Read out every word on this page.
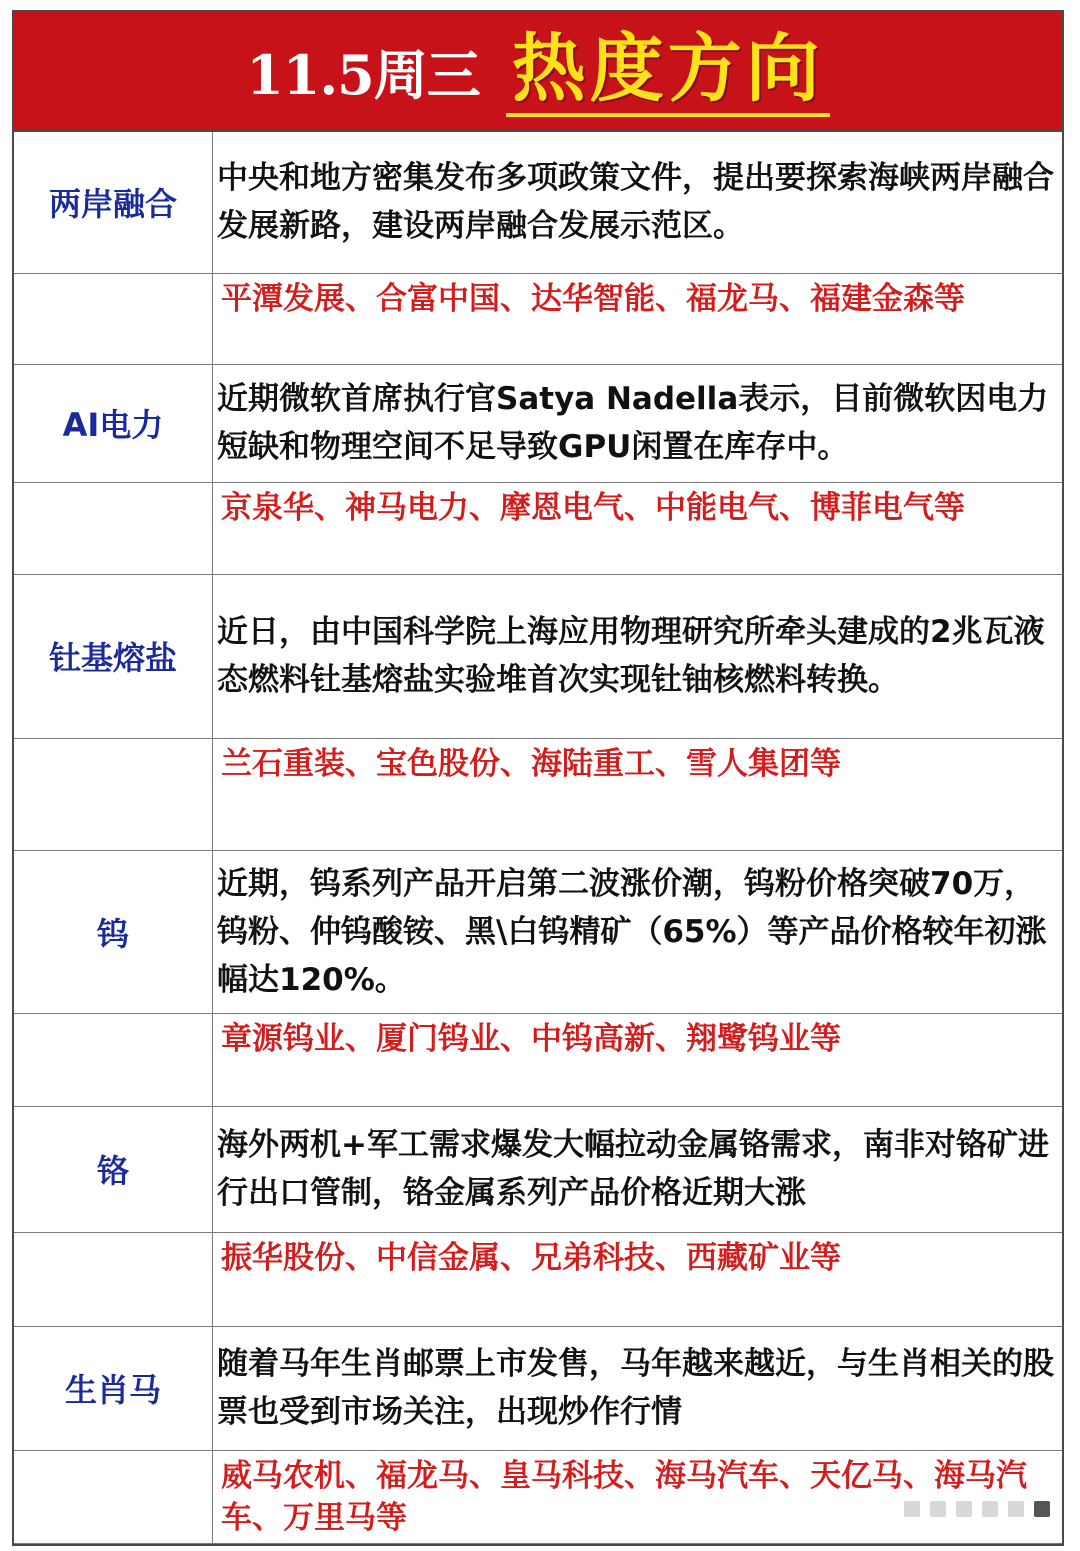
11.5周三 热度方向
两岸融合	中央和地方密集发布多项政策文件，提出要探索海峡两岸融合发展新路，建设两岸融合发展示范区。
	平潭发展、合富中国、达华智能、福龙马、福建金森等
AI电力	近期微软首席执行官Satya Nadella表示，目前微软因电力短缺和物理空间不足导致GPU闲置在库存中。
	京泉华、神马电力、摩恩电气、中能电气、博菲电气等
钍基熔盐	近日，由中国科学院上海应用物理研究所牵头建成的2兆瓦液态燃料钍基熔盐实验堆首次实现钍铀核燃料转换。
	兰石重装、宝色股份、海陆重工、雪人集团等
钨	近期，钨系列产品开启第二波涨价潮，钨粉价格突破70万，钨粉、仲钨酸铵、黑\白钨精矿（65%）等产品价格较年初涨幅达120%。
	章源钨业、厦门钨业、中钨高新、翔鹭钨业等
铬	海外两机+军工需求爆发大幅拉动金属铬需求，南非对铬矿进行出口管制，铬金属系列产品价格近期大涨
	振华股份、中信金属、兄弟科技、西藏矿业等
生肖马	随着马年生肖邮票上市发售，马年越来越近，与生肖相关的股票也受到市场关注，出现炒作行情
	威马农机、福龙马、皇马科技、海马汽车、天亿马、海马汽车、万里马等
